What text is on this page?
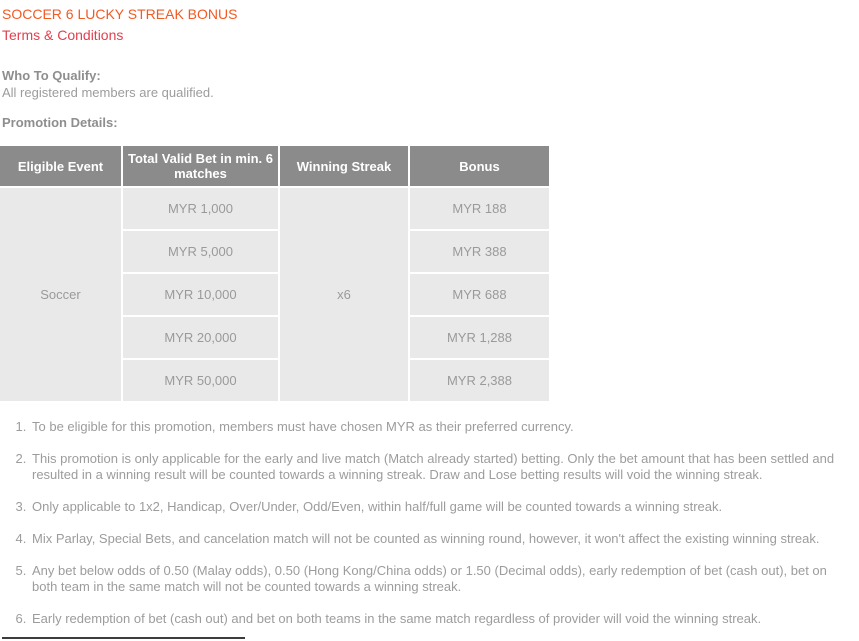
SOCCER 6 LUCKY STREAK BONUS
Terms & Conditions
Who To Qualify:

All registered members are qualified.

Promotion Details:
Eligible Event	Total Valid Bet in min. 6 matches	Winning Streak	Bonus
Soccer	MYR 1,000	x6	MYR 188
	MYR 5,000		MYR 388
	MYR 10,000		MYR 688
	MYR 20,000		MYR 1,288
	MYR 50,000		MYR 2,388
1. To be eligible for this promotion, members must have chosen MYR as their preferred currency.
2. This promotion is only applicable for the early and live match (Match already started) betting. Only the bet amount that has been settled and resulted in a winning result will be counted towards a winning streak. Draw and Lose betting results will void the winning streak.
3. Only applicable to 1x2, Handicap, Over/Under, Odd/Even, within half/full game will be counted towards a winning streak.
4. Mix Parlay, Special Bets, and cancelation match will not be counted as winning round, however, it won't affect the existing winning streak.
5. Any bet below odds of 0.50 (Malay odds), 0.50 (Hong Kong/China odds) or 1.50 (Decimal odds), early redemption of bet (cash out), bet on both team in the same match will not be counted towards a winning streak.
6. Early redemption of bet (cash out) and bet on both teams in the same match regardless of provider will void the winning streak.
